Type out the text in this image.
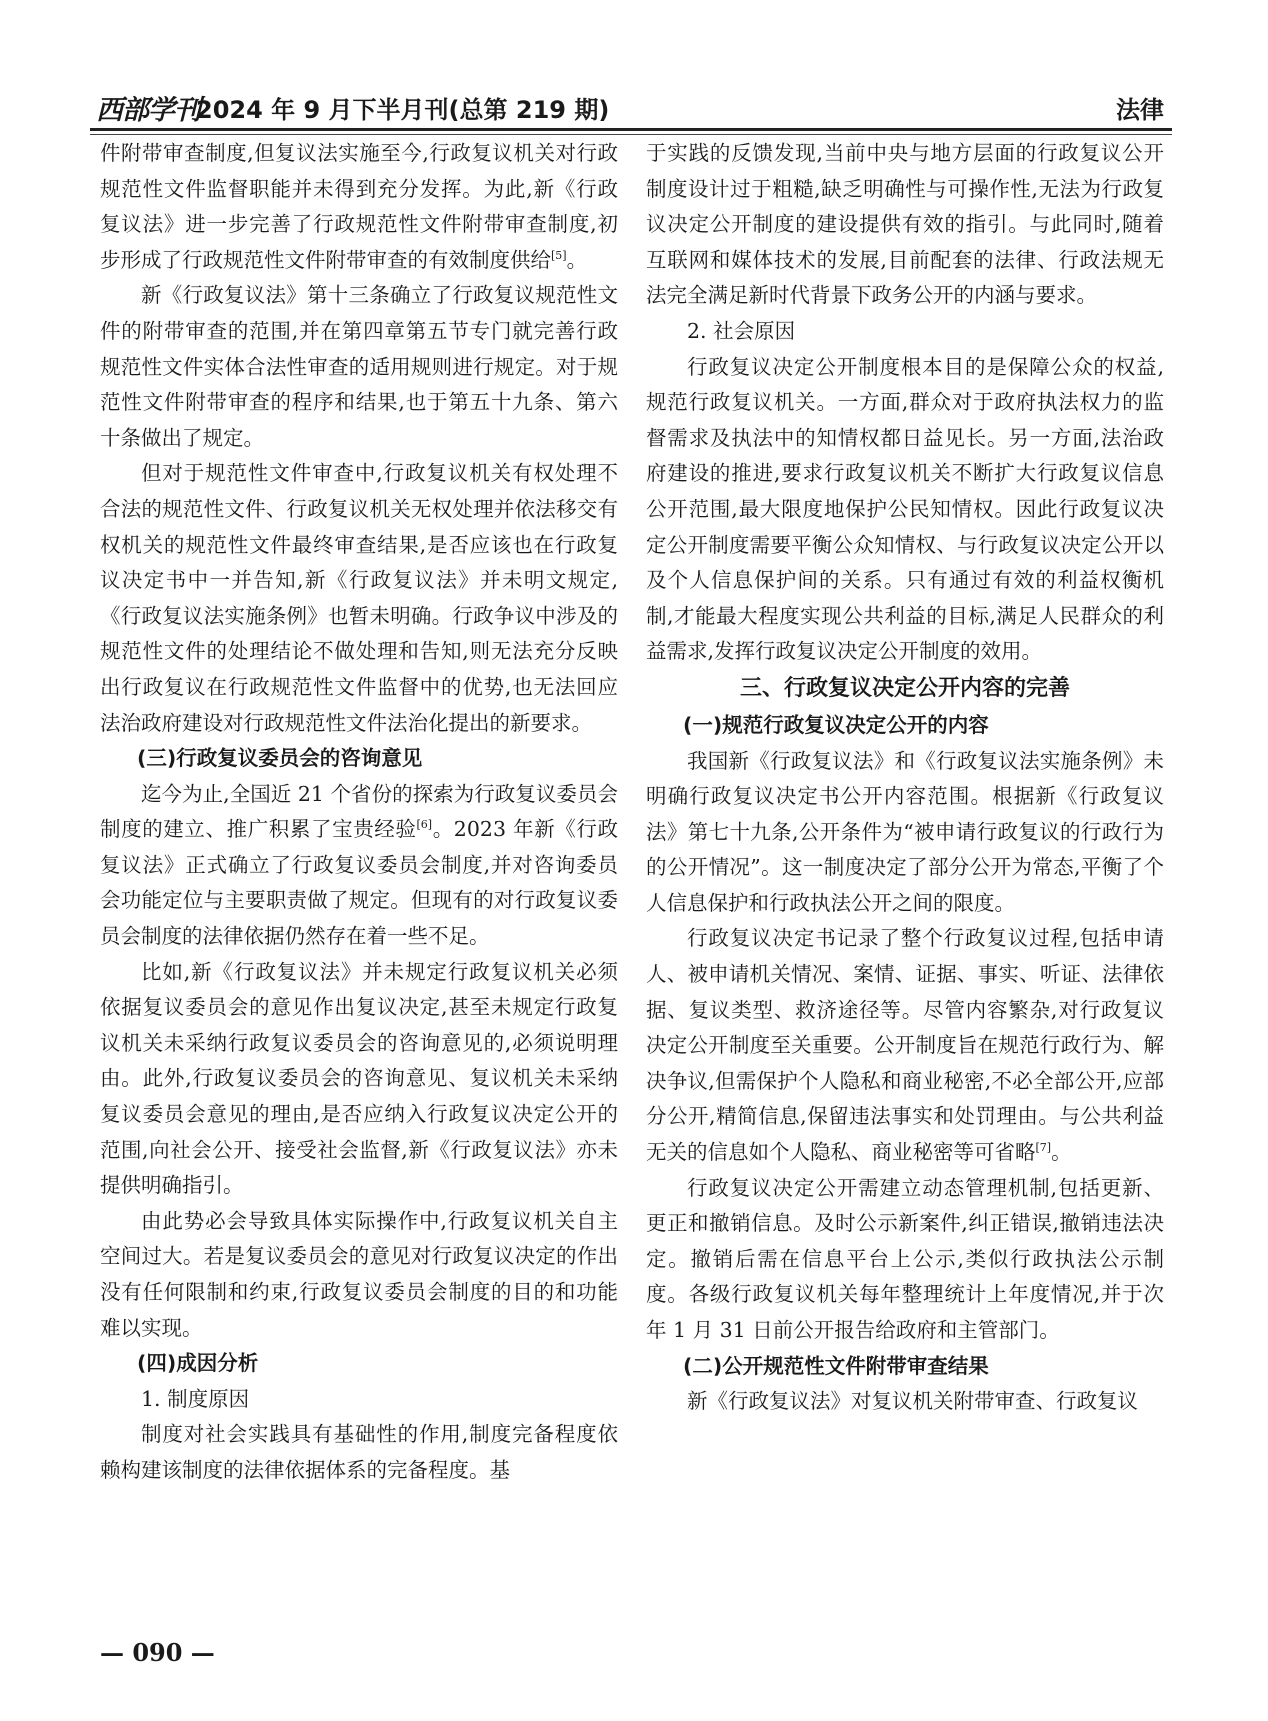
西部学刊
2024 年 9 月下半月刊(总第 219 期)	法律

件附带审查制度,但复议法实施至今,行政复议机关对行政规范性文件监督职能并未得到充分发挥。为此,新《行政复议法》进一步完善了行政规范性文件附带审查制度,初步形成了行政规范性文件附带审查的有效制度供给[5]。

新《行政复议法》第十三条确立了行政复议规范性文件的附带审查的范围,并在第四章第五节专门就完善行政规范性文件实体合法性审查的适用规则进行规定。对于规范性文件附带审查的程序和结果,也于第五十九条、第六十条做出了规定。

但对于规范性文件审查中,行政复议机关有权处理不合法的规范性文件、行政复议机关无权处理并依法移交有权机关的规范性文件最终审查结果,是否应该也在行政复议决定书中一并告知,新《行政复议法》并未明文规定,《行政复议法实施条例》也暂未明确。行政争议中涉及的规范性文件的处理结论不做处理和告知,则无法充分反映出行政复议在行政规范性文件监督中的优势,也无法回应法治政府建设对行政规范性文件法治化提出的新要求。

(三)行政复议委员会的咨询意见

迄今为止,全国近 21 个省份的探索为行政复议委员会制度的建立、推广积累了宝贵经验[6]。2023 年新《行政复议法》正式确立了行政复议委员会制度,并对咨询委员会功能定位与主要职责做了规定。但现有的对行政复议委员会制度的法律依据仍然存在着一些不足。

比如,新《行政复议法》并未规定行政复议机关必须依据复议委员会的意见作出复议决定,甚至未规定行政复议机关未采纳行政复议委员会的咨询意见的,必须说明理由。此外,行政复议委员会的咨询意见、复议机关未采纳复议委员会意见的理由,是否应纳入行政复议决定公开的范围,向社会公开、接受社会监督,新《行政复议法》亦未提供明确指引。

由此势必会导致具体实际操作中,行政复议机关自主空间过大。若是复议委员会的意见对行政复议决定的作出没有任何限制和约束,行政复议委员会制度的目的和功能难以实现。

(四)成因分析

1. 制度原因

制度对社会实践具有基础性的作用,制度完备程度依赖构建该制度的法律依据体系的完备程度。基

于实践的反馈发现,当前中央与地方层面的行政复议公开制度设计过于粗糙,缺乏明确性与可操作性,无法为行政复议决定公开制度的建设提供有效的指引。与此同时,随着互联网和媒体技术的发展,目前配套的法律、行政法规无法完全满足新时代背景下政务公开的内涵与要求。

2. 社会原因

行政复议决定公开制度根本目的是保障公众的权益,规范行政复议机关。一方面,群众对于政府执法权力的监督需求及执法中的知情权都日益见长。另一方面,法治政府建设的推进,要求行政复议机关不断扩大行政复议信息公开范围,最大限度地保护公民知情权。因此行政复议决定公开制度需要平衡公众知情权、与行政复议决定公开以及个人信息保护间的关系。只有通过有效的利益权衡机制,才能最大程度实现公共利益的目标,满足人民群众的利益需求,发挥行政复议决定公开制度的效用。

三、行政复议决定公开内容的完善
(一)规范行政复议决定公开的内容

我国新《行政复议法》和《行政复议法实施条例》未明确行政复议决定书公开内容范围。根据新《行政复议法》第七十九条,公开条件为“被申请行政复议的行政行为的公开情况”。这一制度决定了部分公开为常态,平衡了个人信息保护和行政执法公开之间的限度。

行政复议决定书记录了整个行政复议过程,包括申请人、被申请机关情况、案情、证据、事实、听证、法律依据、复议类型、救济途径等。尽管内容繁杂,对行政复议决定公开制度至关重要。公开制度旨在规范行政行为、解决争议,但需保护个人隐私和商业秘密,不必全部公开,应部分公开,精简信息,保留违法事实和处罚理由。与公共利益无关的信息如个人隐私、商业秘密等可省略[7]。

行政复议决定公开需建立动态管理机制,包括更新、更正和撤销信息。及时公示新案件,纠正错误,撤销违法决定。撤销后需在信息平台上公示,类似行政执法公示制度。各级行政复议机关每年整理统计上年度情况,并于次年 1 月 31 日前公开报告给政府和主管部门。

(二)公开规范性文件附带审查结果

新《行政复议法》对复议机关附带审查、行政复议

— 090 —
